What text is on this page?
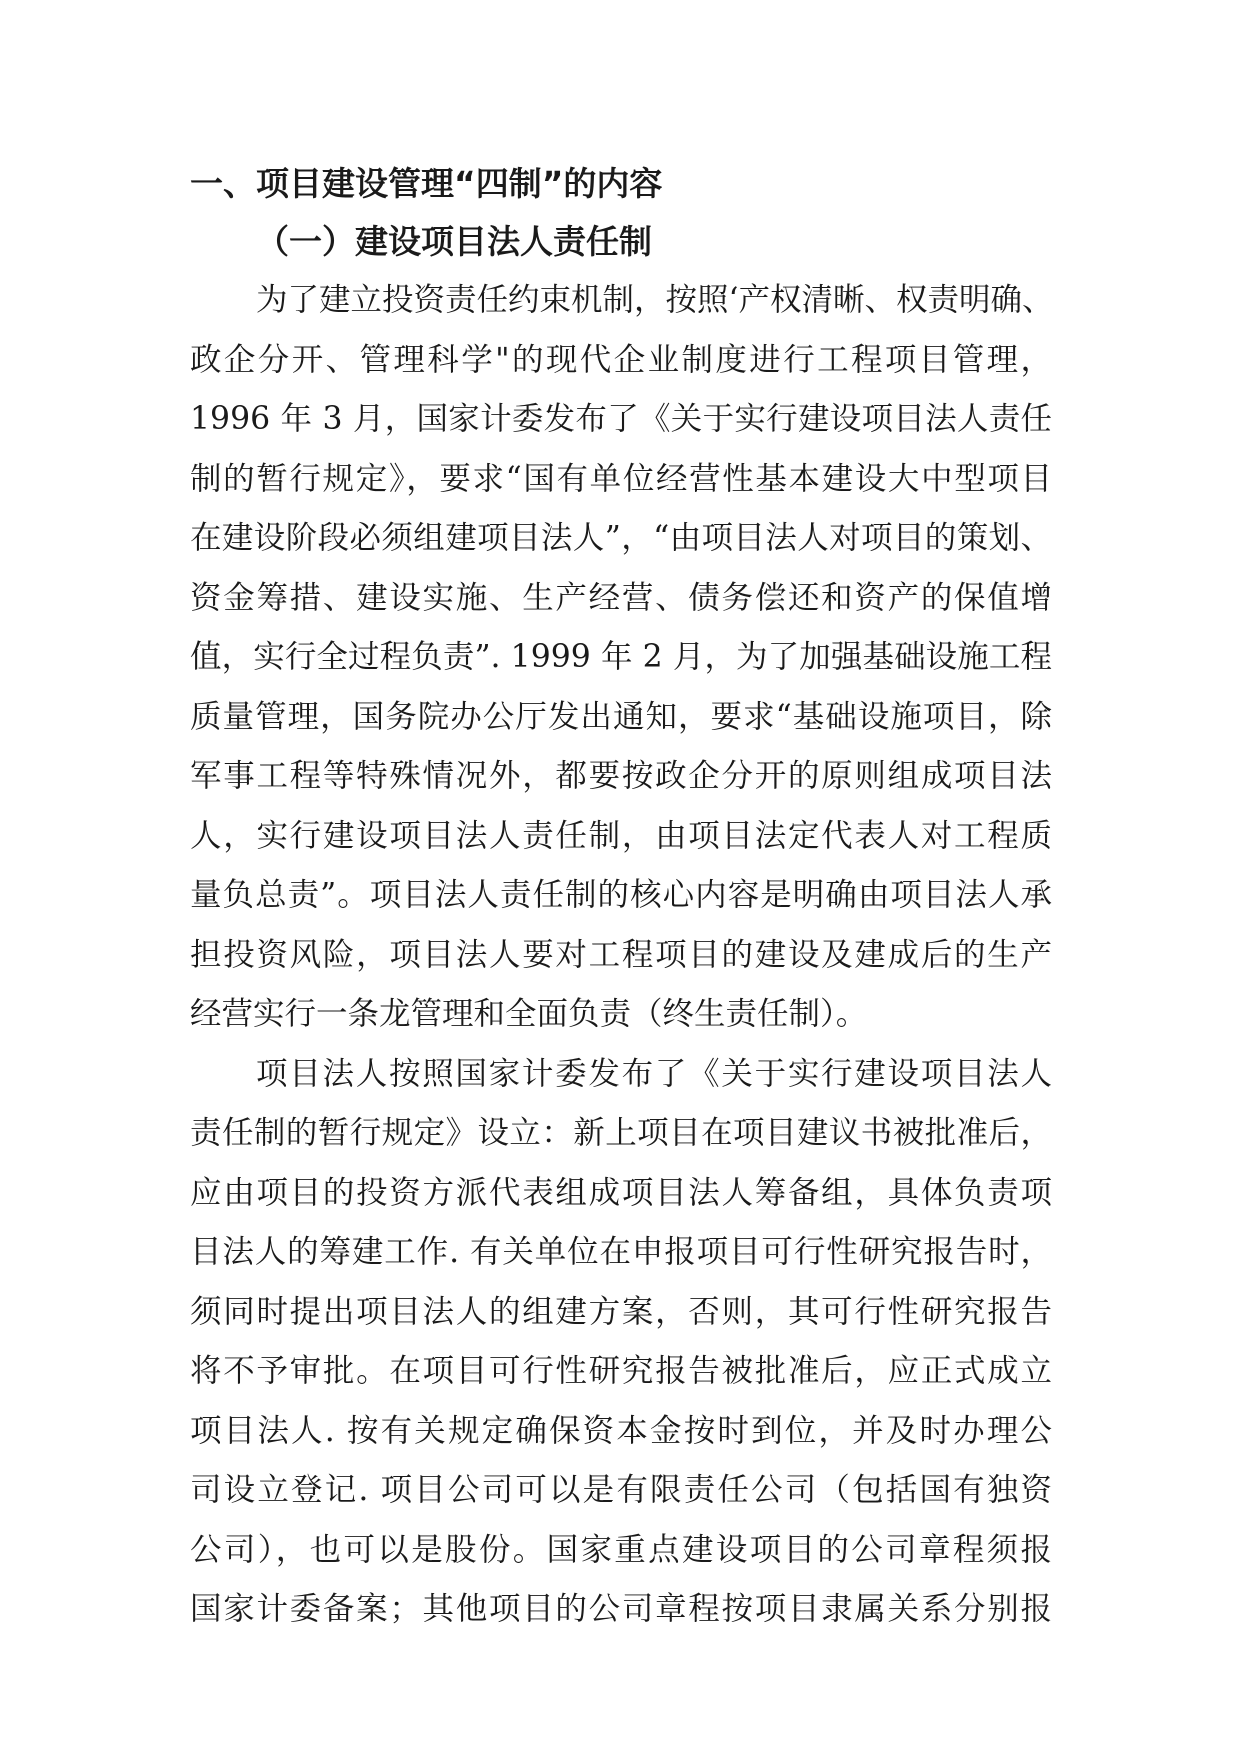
一、项目建设管理“四制”的内容
（一）建设项目法人责任制
为了建立投资责任约束机制，按照‘产权清晰、权责明确、
政企分开、管理科学"的现代企业制度进行工程项目管理，
1996 年 3 月，国家计委发布了《关于实行建设项目法人责任
制的暂行规定》，要求“国有单位经营性基本建设大中型项目
在建设阶段必须组建项目法人”，“由项目法人对项目的策划、
资金筹措、建设实施、生产经营、债务偿还和资产的保值增
值，实行全过程负责”. 1999 年 2 月，为了加强基础设施工程
质量管理，国务院办公厅发出通知，要求“基础设施项目，除
军事工程等特殊情况外，都要按政企分开的原则组成项目法
人，实行建设项目法人责任制，由项目法定代表人对工程质
量负总责”。项目法人责任制的核心内容是明确由项目法人承
担投资风险，项目法人要对工程项目的建设及建成后的生产
经营实行一条龙管理和全面负责（终生责任制）。
项目法人按照国家计委发布了《关于实行建设项目法人
责任制的暂行规定》设立：新上项目在项目建议书被批准后，
应由项目的投资方派代表组成项目法人筹备组，具体负责项
目法人的筹建工作. 有关单位在申报项目可行性研究报告时，
须同时提出项目法人的组建方案，否则，其可行性研究报告
将不予审批。在项目可行性研究报告被批准后，应正式成立
项目法人. 按有关规定确保资本金按时到位，并及时办理公
司设立登记. 项目公司可以是有限责任公司（包括国有独资
公司），也可以是股份。国家重点建设项目的公司章程须报
国家计委备案；其他项目的公司章程按项目隶属关系分别报
